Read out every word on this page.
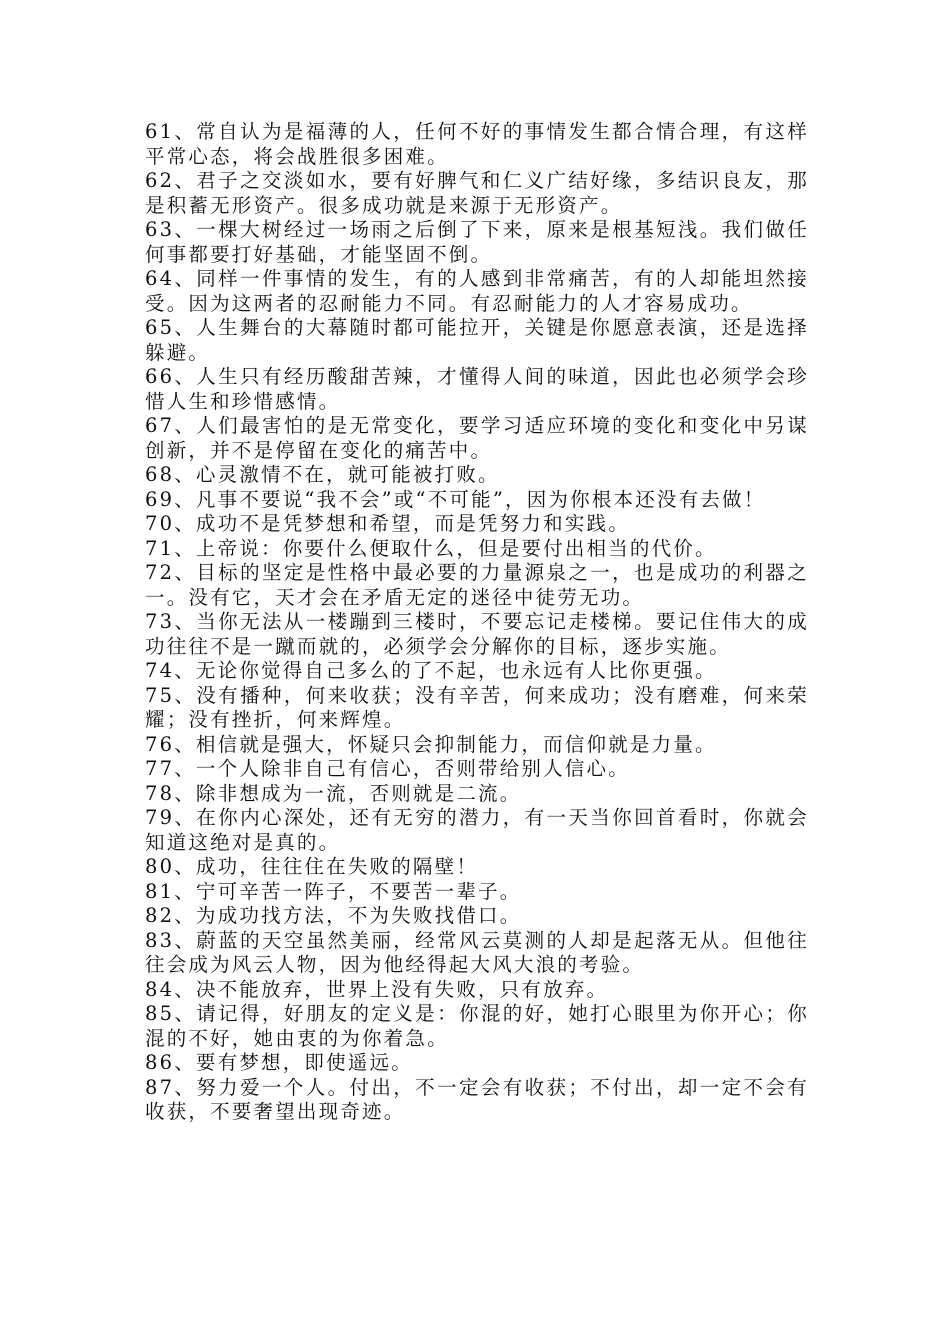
61、常自认为是福薄的人，任何不好的事情发生都合情合理，有这样平常心态，将会战胜很多困难。

62、君子之交淡如水，要有好脾气和仁义广结好缘，多结识良友，那是积蓄无形资产。很多成功就是来源于无形资产。

63、一棵大树经过一场雨之后倒了下来，原来是根基短浅。我们做任何事都要打好基础，才能坚固不倒。

64、同样一件事情的发生，有的人感到非常痛苦，有的人却能坦然接受。因为这两者的忍耐能力不同。有忍耐能力的人才容易成功。

65、人生舞台的大幕随时都可能拉开，关键是你愿意表演，还是选择躲避。

66、人生只有经历酸甜苦辣，才懂得人间的味道，因此也必须学会珍惜人生和珍惜感情。

67、人们最害怕的是无常变化，要学习适应环境的变化和变化中另谋创新，并不是停留在变化的痛苦中。

68、心灵激情不在，就可能被打败。

69、凡事不要说“我不会”或“不可能”，因为你根本还没有去做！

70、成功不是凭梦想和希望，而是凭努力和实践。

71、上帝说：你要什么便取什么，但是要付出相当的代价。

72、目标的坚定是性格中最必要的力量源泉之一，也是成功的利器之一。没有它，天才会在矛盾无定的迷径中徒劳无功。

73、当你无法从一楼蹦到三楼时，不要忘记走楼梯。要记住伟大的成功往往不是一蹴而就的，必须学会分解你的目标，逐步实施。

74、无论你觉得自己多么的了不起，也永远有人比你更强。

75、没有播种，何来收获；没有辛苦，何来成功；没有磨难，何来荣耀；没有挫折，何来辉煌。

76、相信就是强大，怀疑只会抑制能力，而信仰就是力量。

77、一个人除非自己有信心，否则带给别人信心。

78、除非想成为一流，否则就是二流。

79、在你内心深处，还有无穷的潜力，有一天当你回首看时，你就会知道这绝对是真的。

80、成功，往往住在失败的隔壁！

81、宁可辛苦一阵子，不要苦一辈子。

82、为成功找方法，不为失败找借口。

83、蔚蓝的天空虽然美丽，经常风云莫测的人却是起落无从。但他往往会成为风云人物，因为他经得起大风大浪的考验。

84、决不能放弃，世界上没有失败，只有放弃。

85、请记得，好朋友的定义是：你混的好，她打心眼里为你开心；你混的不好，她由衷的为你着急。

86、要有梦想，即使遥远。

87、努力爱一个人。付出，不一定会有收获；不付出，却一定不会有收获，不要奢望出现奇迹。
